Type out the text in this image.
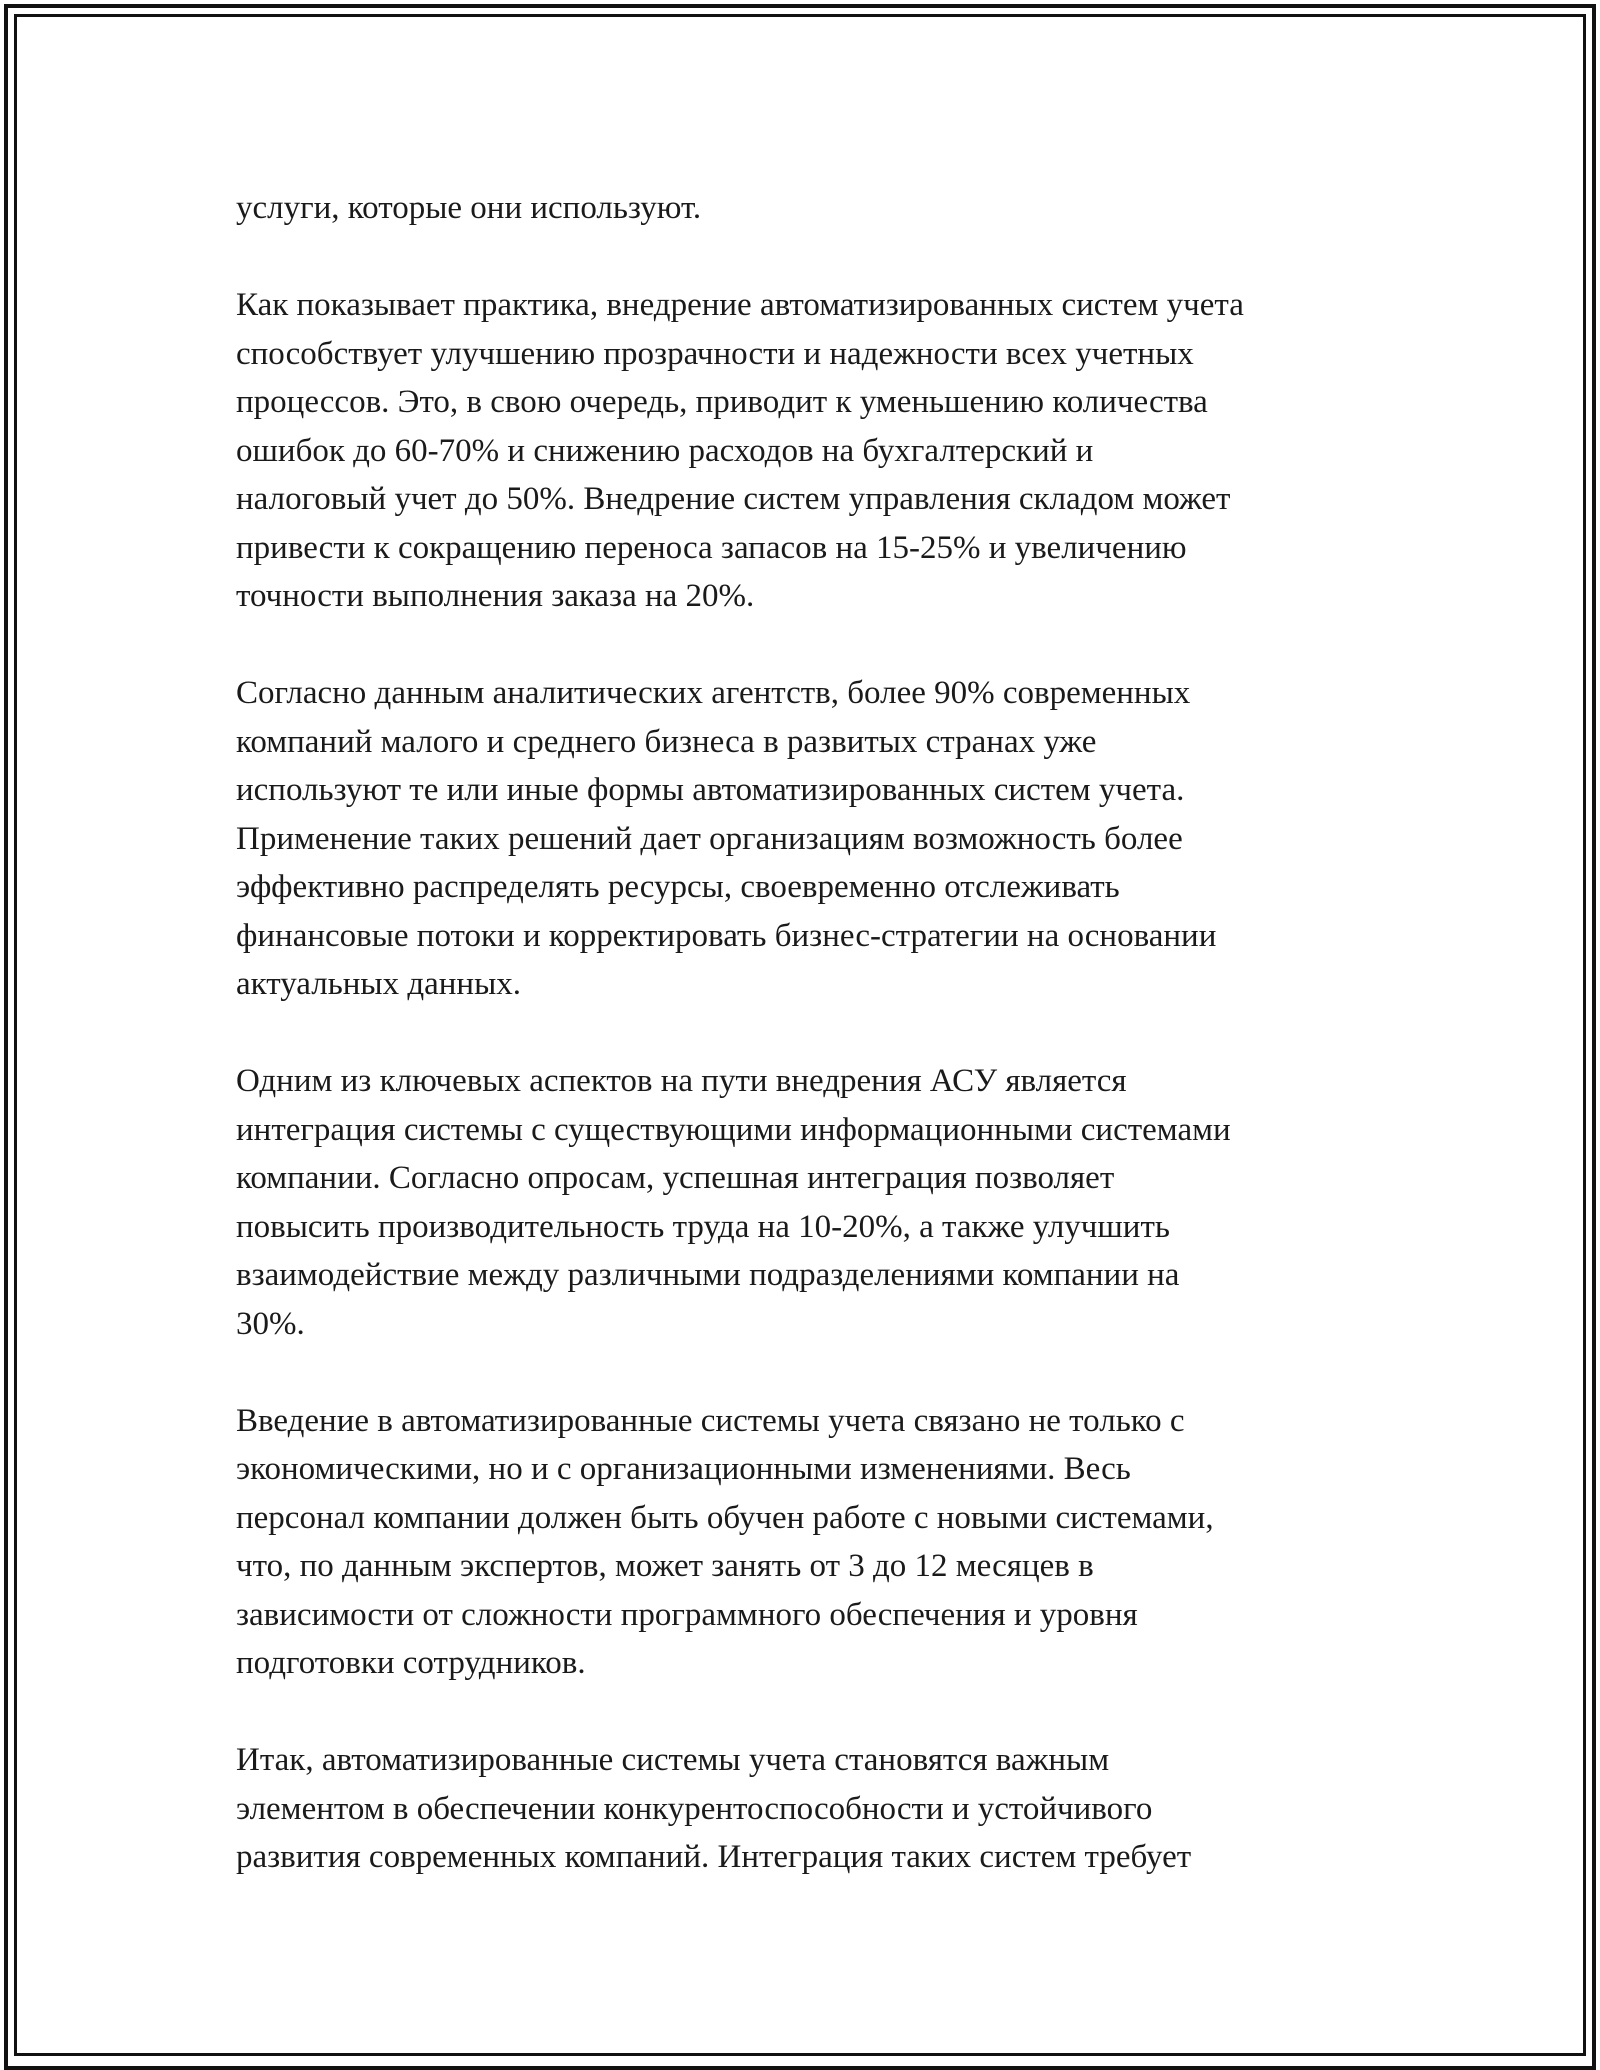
услуги, которые они используют.

Как показывает практика, внедрение автоматизированных систем учета
способствует улучшению прозрачности и надежности всех учетных
процессов. Это, в свою очередь, приводит к уменьшению количества
ошибок до 60-70% и снижению расходов на бухгалтерский и
налоговый учет до 50%. Внедрение систем управления складом может
привести к сокращению переноса запасов на 15-25% и увеличению
точности выполнения заказа на 20%.

Согласно данным аналитических агентств, более 90% современных
компаний малого и среднего бизнеса в развитых странах уже
используют те или иные формы автоматизированных систем учета.
Применение таких решений дает организациям возможность более
эффективно распределять ресурсы, своевременно отслеживать
финансовые потоки и корректировать бизнес-стратегии на основании
актуальных данных.

Одним из ключевых аспектов на пути внедрения АСУ является
интеграция системы с существующими информационными системами
компании. Согласно опросам, успешная интеграция позволяет
повысить производительность труда на 10-20%, а также улучшить
взаимодействие между различными подразделениями компании на
30%.

Введение в автоматизированные системы учета связано не только с
экономическими, но и с организационными изменениями. Весь
персонал компании должен быть обучен работе с новыми системами,
что, по данным экспертов, может занять от 3 до 12 месяцев в
зависимости от сложности программного обеспечения и уровня
подготовки сотрудников.

Итак, автоматизированные системы учета становятся важным
элементом в обеспечении конкурентоспособности и устойчивого
развития современных компаний. Интеграция таких систем требует
